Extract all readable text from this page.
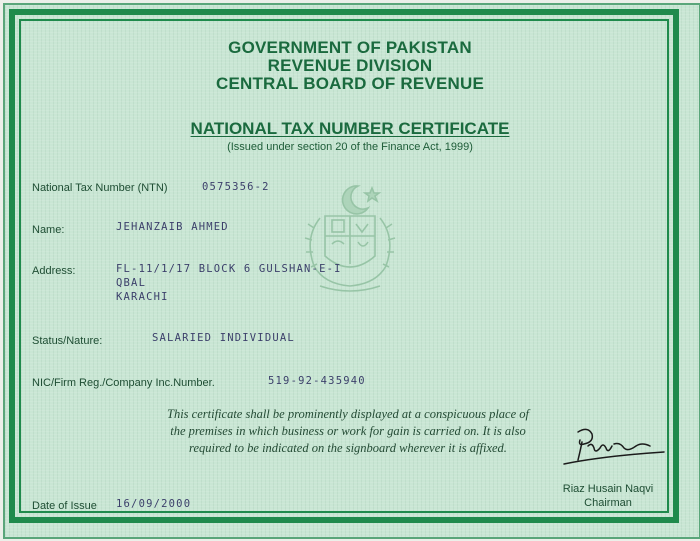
GOVERNMENT OF PAKISTAN
REVENUE DIVISION
CENTRAL BOARD OF REVENUE
NATIONAL TAX NUMBER CERTIFICATE
(Issued under section 20 of the Finance Act, 1999)
National Tax Number (NTN)	0575356-2
Name:	JEHANZAIB AHMED
Address:	FL-11/1/17 BLOCK 6 GULSHAN-E-I
QBAL
KARACHI
Status/Nature:	SALARIED INDIVIDUAL
NIC/Firm Reg./Company Inc.Number.	519-92-435940
This certificate shall be prominently displayed at a conspicuous place of
the premises in which business or work for gain is carried on. It is also
required to be indicated on the signboard wherever it is affixed.
Riaz Husain Naqvi
Chairman
Date of Issue 16/09/2000
